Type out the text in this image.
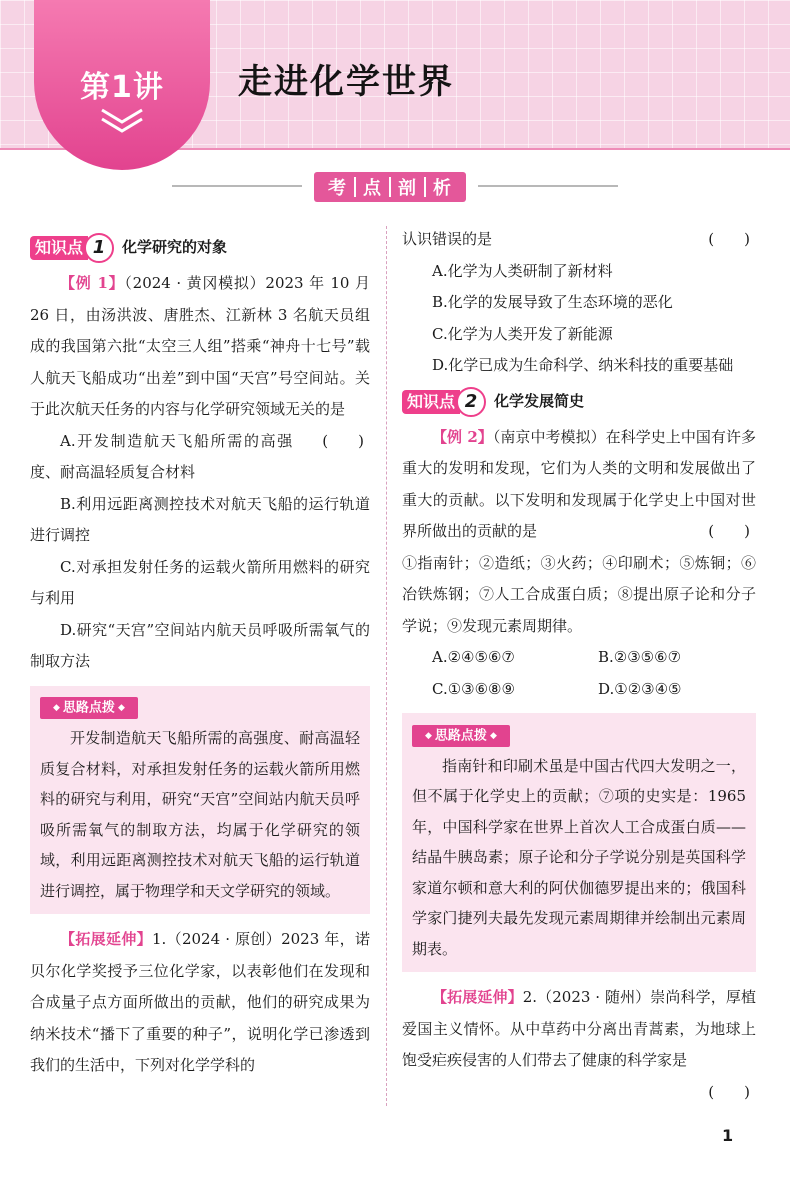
第1讲	走进化学世界
考 点 剖 析
知识点 1	化学研究的对象

【例 1】（2024 · 黄冈模拟）2023 年 10 月 26 日，由汤洪波、唐胜杰、江新林 3 名航天员组成的我国第六批“太空三人组”搭乘“神舟十七号”载人航天飞船成功“出差”到中国“天宫”号空间站。关于此次航天任务的内容与化学研究领域无关的是
(　　)

A.开发制造航天飞船所需的高强度、耐高温轻质复合材料

B.利用远距离测控技术对航天飞船的运行轨道进行调控

C.对承担发射任务的运载火箭所用燃料的研究与利用

D.研究“天宫”空间站内航天员呼吸所需氧气的制取方法

◆ 思路点拨 ◆

开发制造航天飞船所需的高强度、耐高温轻质复合材料，对承担发射任务的运载火箭所用燃料的研究与利用，研究“天宫”空间站内航天员呼吸所需氧气的制取方法，均属于化学研究的领域，利用远距离测控技术对航天飞船的运行轨道进行调控，属于物理学和天文学研究的领域。

【拓展延伸】1.（2024 · 原创）2023 年，诺贝尔化学奖授予三位化学家，以表彰他们在发现和合成量子点方面所做出的贡献，他们的研究成果为纳米技术“播下了重要的种子”，说明化学已渗透到我们的生活中，下列对化学学科的

认识错误的是	(　　)

A.化学为人类研制了新材料

B.化学的发展导致了生态环境的恶化

C.化学为人类开发了新能源

D.化学已成为生命科学、纳米科技的重要基础

知识点 2	化学发展简史

【例 2】（南京中考模拟）在科学史上中国有许多重大的发明和发现，它们为人类的文明和发展做出了重大的贡献。以下发明和发现属于化学史上中国对世界所做出的贡献的是	(　　)

①指南针；②造纸；③火药；④印刷术；⑤炼铜；⑥冶铁炼钢；⑦人工合成蛋白质；⑧提出原子论和分子学说；⑨发现元素周期律。

A.②④⑤⑥⑦	B.②③⑤⑥⑦
C.①③⑥⑧⑨	D.①②③④⑤
◆ 思路点拨 ◆

指南针和印刷术虽是中国古代四大发明之一，但不属于化学史上的贡献；⑦项的史实是：1965 年，中国科学家在世界上首次人工合成蛋白质——结晶牛胰岛素；原子论和分子学说分别是英国科学家道尔顿和意大利的阿伏伽德罗提出来的；俄国科学家门捷列夫最先发现元素周期律并绘制出元素周期表。

【拓展延伸】2.（2023 · 随州）崇尚科学，厚植爱国主义情怀。从中草药中分离出青蒿素，为地球上饱受疟疾侵害的人们带去了健康的科学家是
(　　)

1
